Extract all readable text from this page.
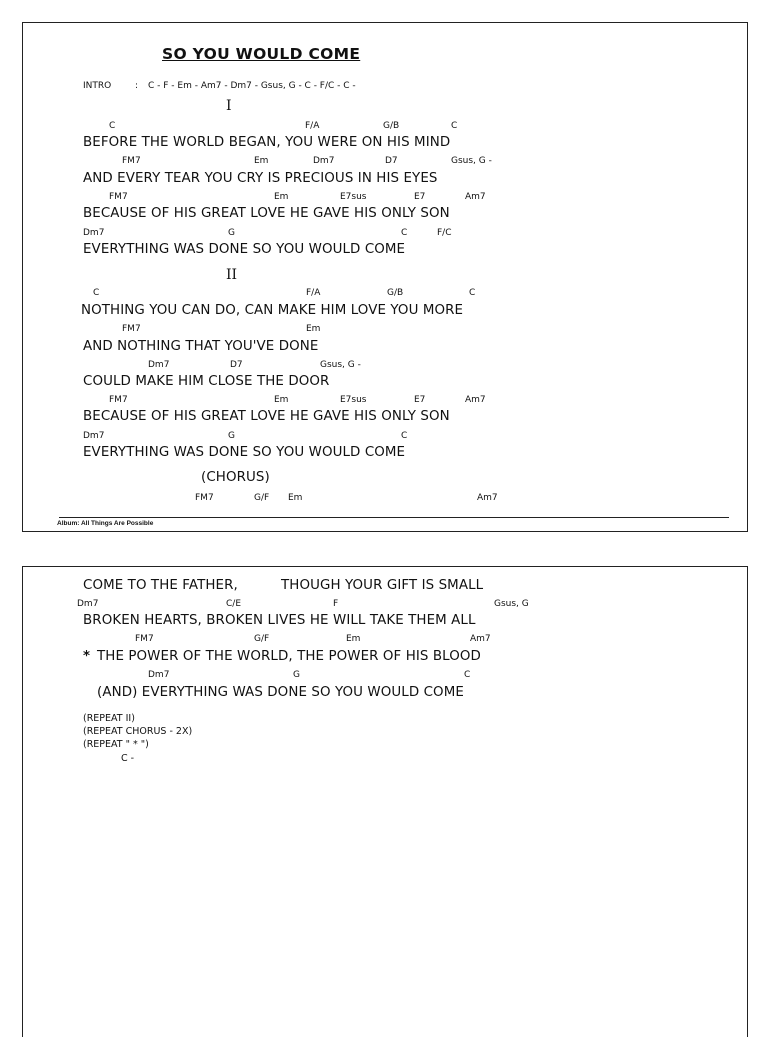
SO YOU WOULD COME
INTRO	: C - F - Em - Am7 - Dm7 - Gsus, G - C - F/C - C -
I
C	F/A	G/B	C
BEFORE THE WORLD BEGAN, YOU WERE ON HIS MIND
FM7	Em	Dm7	D7	Gsus, G -
AND EVERY TEAR YOU CRY IS PRECIOUS IN HIS EYES
FM7	Em	E7sus	E7	Am7
BECAUSE OF HIS GREAT LOVE HE GAVE HIS ONLY SON
Dm7	G	C	F/C
EVERYTHING WAS DONE SO YOU WOULD COME
II
C	F/A	G/B	C
NOTHING YOU CAN DO, CAN MAKE HIM LOVE YOU MORE
FM7	Em
AND NOTHING THAT YOU'VE DONE
Dm7	D7	Gsus, G -
COULD MAKE HIM CLOSE THE DOOR
FM7	Em	E7sus	E7	Am7
BECAUSE OF HIS GREAT LOVE HE GAVE HIS ONLY SON
Dm7	G	C
EVERYTHING WAS DONE SO YOU WOULD COME
(CHORUS)
FM7	G/F Em	Am7
Album: All Things Are Possible
COME TO THE FATHER,	THOUGH YOUR GIFT IS SMALL
Dm7	C/E	F	Gsus, G
BROKEN HEARTS, BROKEN LIVES HE WILL TAKE THEM ALL
FM7	G/F	Em	Am7
* THE POWER OF THE WORLD, THE POWER OF HIS BLOOD
Dm7	G	C
(AND) EVERYTHING WAS DONE SO YOU WOULD COME
(REPEAT II)
(REPEAT CHORUS - 2X)
(REPEAT " * ")
C -
